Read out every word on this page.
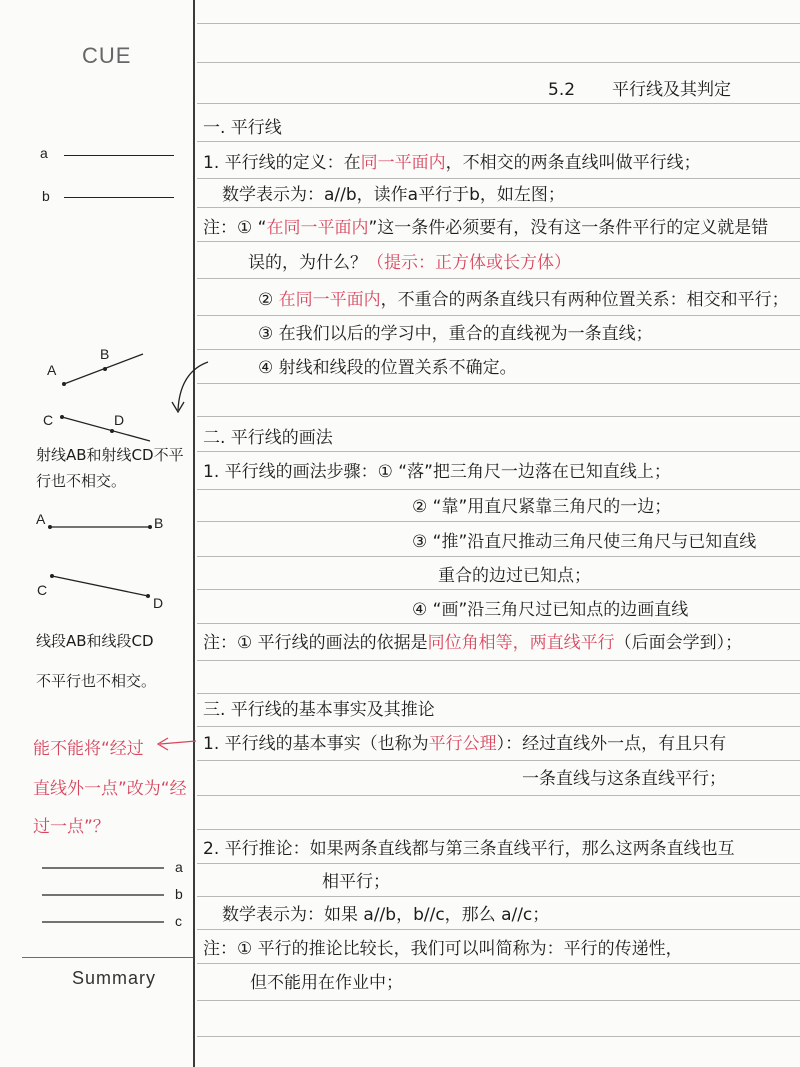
CUE
a
b
A
B
C	D
射线AB和射线CD不平
行也不相交。
A	B
C
D
线段AB和线段CD
不平行也不相交。
能不能将“经过
直线外一点”改为“经
过一点”？
a
b
c
Summary
5.2 平行线及其判定
一. 平行线
1. 平行线的定义：在同一平面内，不相交的两条直线叫做平行线；
数学表示为：a//b，读作a平行于b，如左图；
注：① “在同一平面内”这一条件必须要有，没有这一条件平行的定义就是错
误的，为什么？（提示：正方体或长方体）
② 在同一平面内，不重合的两条直线只有两种位置关系：相交和平行；
③ 在我们以后的学习中，重合的直线视为一条直线；
④ 射线和线段的位置关系不确定。
二. 平行线的画法
1. 平行线的画法步骤：① “落”把三角尺一边落在已知直线上；
② “靠”用直尺紧靠三角尺的一边；
③ “推”沿直尺推动三角尺使三角尺与已知直线
重合的边过已知点；
④ “画”沿三角尺过已知点的边画直线
注：① 平行线的画法的依据是同位角相等，两直线平行（后面会学到）；
三. 平行线的基本事实及其推论
1. 平行线的基本事实（也称为平行公理）：经过直线外一点，有且只有
一条直线与这条直线平行；
2. 平行推论：如果两条直线都与第三条直线平行，那么这两条直线也互
相平行；
数学表示为：如果 a//b，b//c，那么 a//c；
注：① 平行的推论比较长，我们可以叫简称为：平行的传递性，
但不能用在作业中；
